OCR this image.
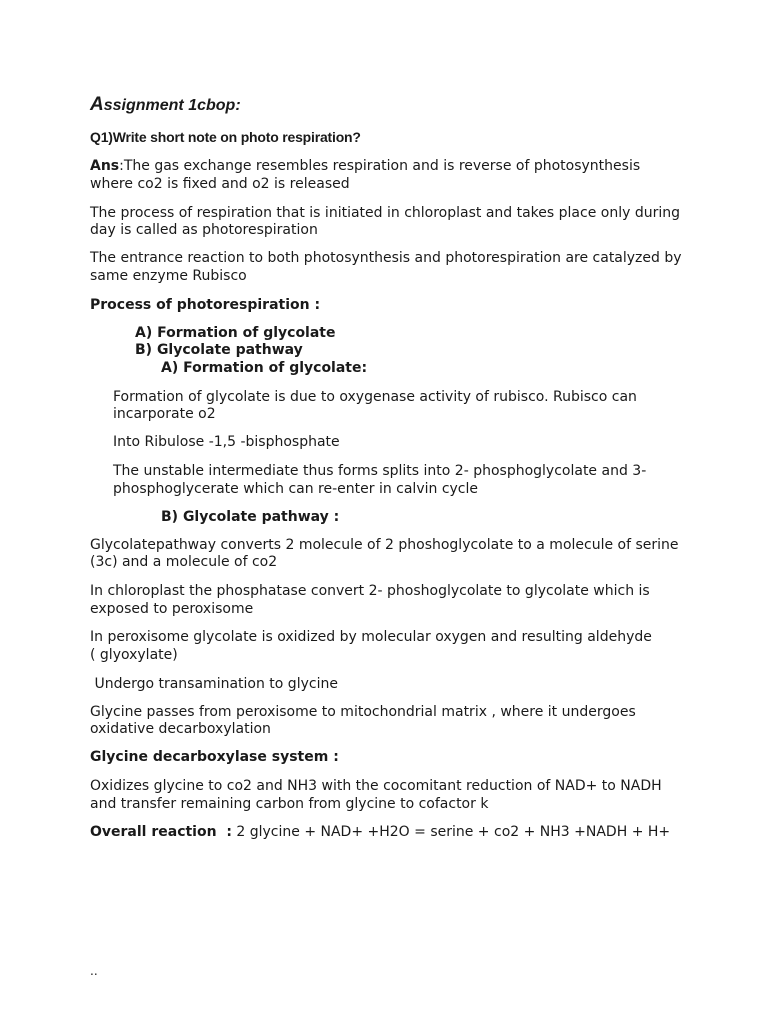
Assignment 1cbop:
Q1)Write short note on photo respiration?
Ans:The gas exchange resembles respiration and is reverse of photosynthesis
where co2 is fixed and o2 is released
The process of respiration that is initiated in chloroplast and takes place only during
day is called as photorespiration
The entrance reaction to both photosynthesis and photorespiration are catalyzed by
same enzyme Rubisco
Process of photorespiration :
A) Formation of glycolate
B) Glycolate pathway
A) Formation of glycolate:
Formation of glycolate is due to oxygenase activity of rubisco. Rubisco can
incarporate o2
Into Ribulose -1,5 -bisphosphate
The unstable intermediate thus forms splits into 2- phosphoglycolate and 3-
phosphoglycerate which can re-enter in calvin cycle
B) Glycolate pathway :
Glycolatepathway converts 2 molecule of 2 phoshoglycolate to a molecule of serine
(3c) and a molecule of co2
In chloroplast the phosphatase convert 2- phoshoglycolate to glycolate which is
exposed to peroxisome
In peroxisome glycolate is oxidized by molecular oxygen and resulting aldehyde
( glyoxylate)
Undergo transamination to glycine
Glycine passes from peroxisome to mitochondrial matrix , where it undergoes
oxidative decarboxylation
Glycine decarboxylase system :
Oxidizes glycine to co2 and NH3 with the cocomitant reduction of NAD+ to NADH
and transfer remaining carbon from glycine to cofactor k
Overall reaction  : 2 glycine + NAD+ +H2O = serine + co2 + NH3 +NADH + H+
..
